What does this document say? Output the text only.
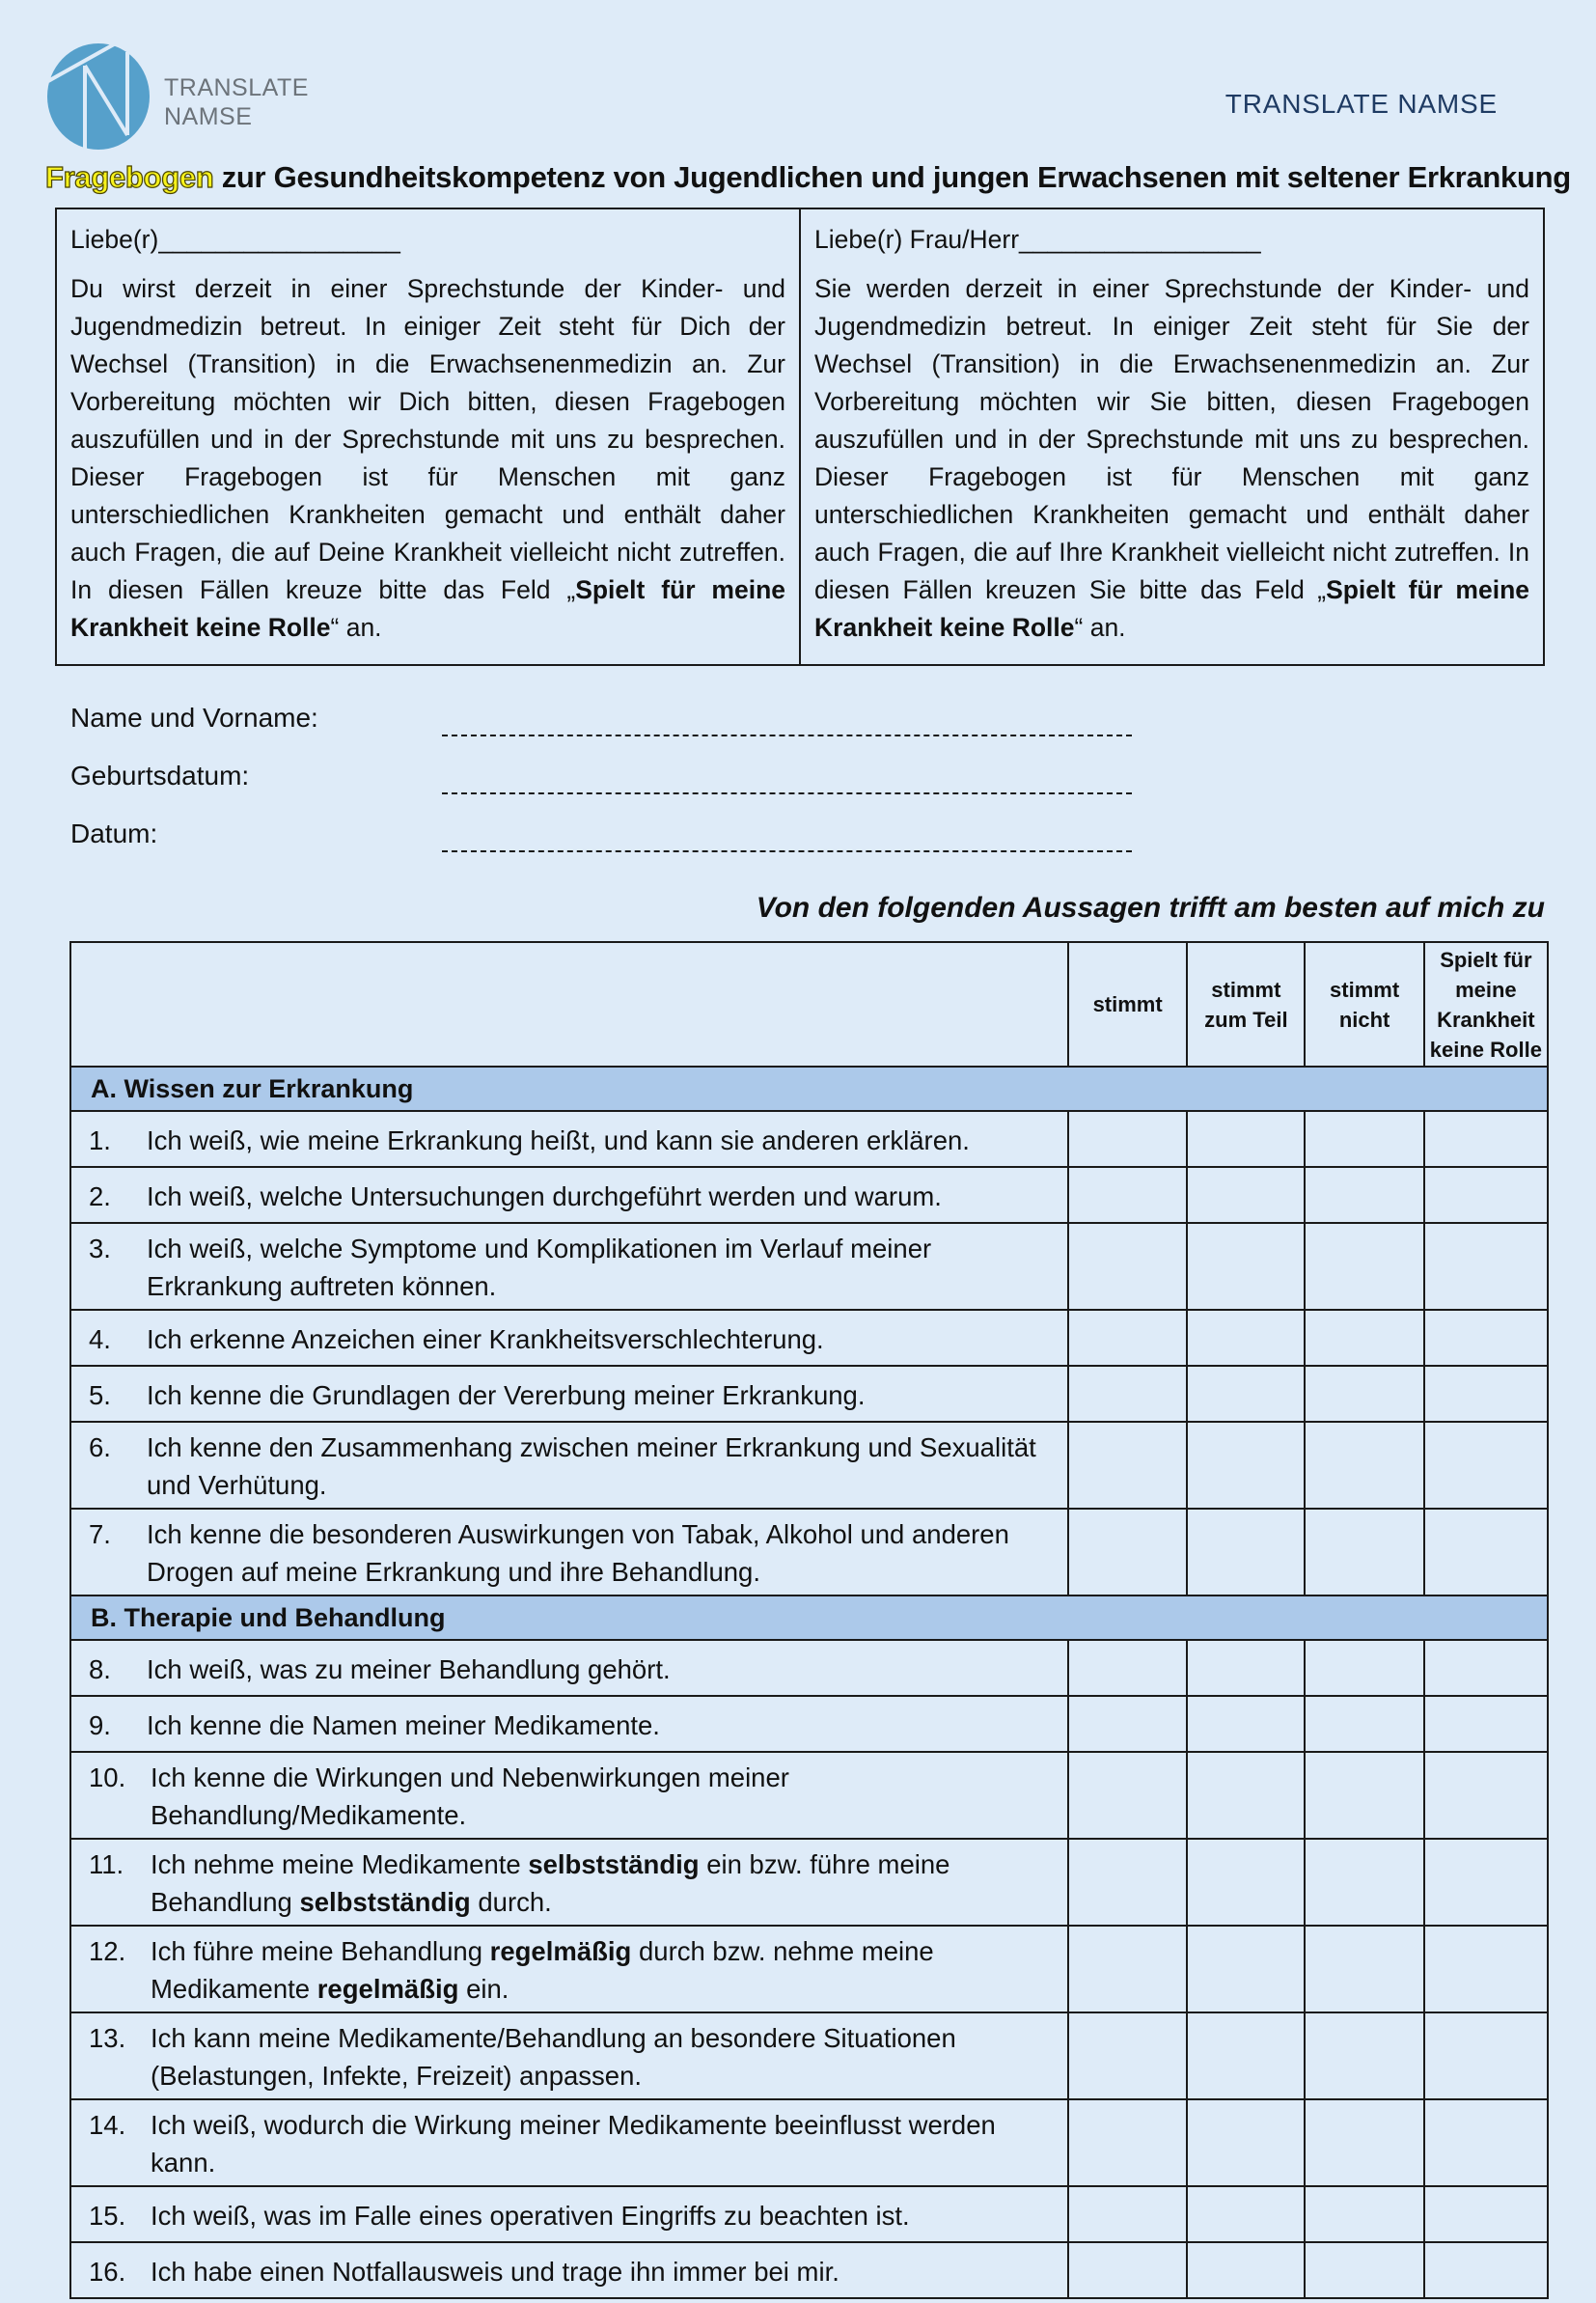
TRANSLATE
NAMSE	TRANSLATE NAMSE
Fragebogen zur Gesundheitskompetenz von Jugendlichen und jungen Erwachsenen mit seltener Erkrankung
Liebe(r)_________________
Du wirst derzeit in einer Sprechstunde der Kinder- und Jugendmedizin betreut. In einiger Zeit steht für Dich der Wechsel (Transition) in die Erwachsenenmedizin an. Zur Vorbereitung möchten wir Dich bitten, diesen Fragebogen auszufüllen und in der Sprechstunde mit uns zu besprechen. Dieser Fragebogen ist für Menschen mit ganz unterschiedlichen Krankheiten gemacht und enthält daher auch Fragen, die auf Deine Krankheit vielleicht nicht zutreffen. In diesen Fällen kreuze bitte das Feld „Spielt für meine Krankheit keine Rolle“ an.
Liebe(r) Frau/Herr_________________
Sie werden derzeit in einer Sprechstunde der Kinder- und Jugendmedizin betreut. In einiger Zeit steht für Sie der Wechsel (Transition) in die Erwachsenenmedizin an. Zur Vorbereitung möchten wir Sie bitten, diesen Fragebogen auszufüllen und in der Sprechstunde mit uns zu besprechen. Dieser Fragebogen ist für Menschen mit ganz unterschiedlichen Krankheiten gemacht und enthält daher auch Fragen, die auf Ihre Krankheit vielleicht nicht zutreffen. In diesen Fällen kreuzen Sie bitte das Feld „Spielt für meine Krankheit keine Rolle“ an.
Name und Vorname:
Geburtsdatum:
Datum:
Von den folgenden Aussagen trifft am besten auf mich zu
	stimmt	stimmt zum Teil	stimmt nicht	Spielt für meine Krankheit keine Rolle
A. Wissen zur Erkrankung				

1. Ich weiß, wie meine Erkrankung heißt, und kann sie anderen erklären.				

2. Ich weiß, welche Untersuchungen durchgeführt werden und warum.				

3. Ich weiß, welche Symptome und Komplikationen im Verlauf meiner Erkrankung auftreten können.				

4. Ich erkenne Anzeichen einer Krankheitsverschlechterung.				

5. Ich kenne die Grundlagen der Vererbung meiner Erkrankung.				

6. Ich kenne den Zusammenhang zwischen meiner Erkrankung und Sexualität und Verhütung.				

7. Ich kenne die besonderen Auswirkungen von Tabak, Alkohol und anderen Drogen auf meine Erkrankung und ihre Behandlung.				

B. Therapie und Behandlung				

8. Ich weiß, was zu meiner Behandlung gehört.				

9. Ich kenne die Namen meiner Medikamente.				

10. Ich kenne die Wirkungen und Nebenwirkungen meiner Behandlung/Medikamente.				

11. Ich nehme meine Medikamente selbstständig ein bzw. führe meine Behandlung selbstständig durch.				

12. Ich führe meine Behandlung regelmäßig durch bzw. nehme meine Medikamente regelmäßig ein.				

13. Ich kann meine Medikamente/Behandlung an besondere Situationen (Belastungen, Infekte, Freizeit) anpassen.				

14. Ich weiß, wodurch die Wirkung meiner Medikamente beeinflusst werden kann.				

15. Ich weiß, was im Falle eines operativen Eingriffs zu beachten ist.				

16. Ich habe einen Notfallausweis und trage ihn immer bei mir.				
